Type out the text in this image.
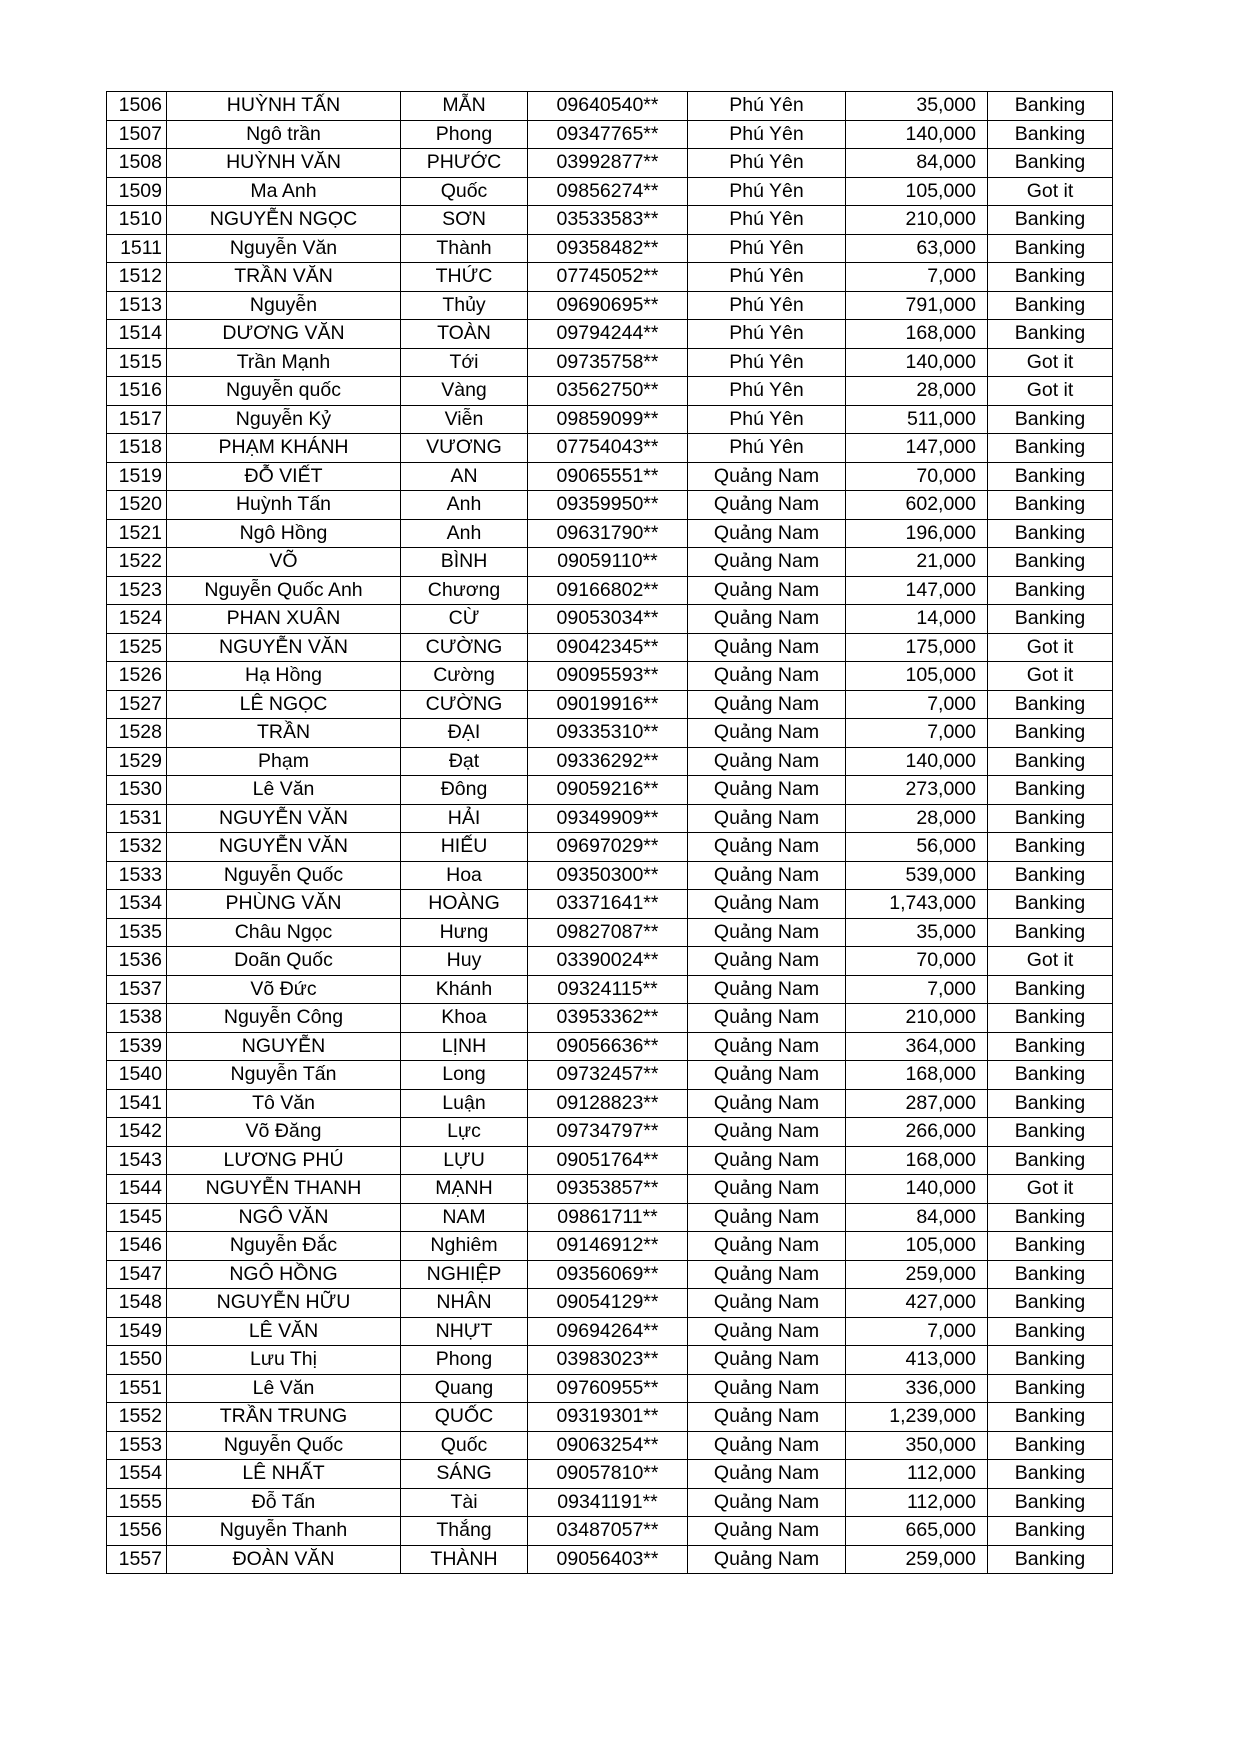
1506	HUỲNH TẤN	MẪN	09640540**	Phú Yên	35,000	Banking
1507	Ngô trần	Phong	09347765**	Phú Yên	140,000	Banking
1508	HUỲNH VĂN	PHƯỚC	03992877**	Phú Yên	84,000	Banking
1509	Ma Anh	Quốc	09856274**	Phú Yên	105,000	Got it
1510	NGUYỄN NGỌC	SƠN	03533583**	Phú Yên	210,000	Banking
1511	Nguyễn Văn	Thành	09358482**	Phú Yên	63,000	Banking
1512	TRẦN VĂN	THỨC	07745052**	Phú Yên	7,000	Banking
1513	Nguyễn	Thủy	09690695**	Phú Yên	791,000	Banking
1514	DƯƠNG VĂN	TOÀN	09794244**	Phú Yên	168,000	Banking
1515	Trần Mạnh	Tới	09735758**	Phú Yên	140,000	Got it
1516	Nguyễn quốc	Vàng	03562750**	Phú Yên	28,000	Got it
1517	Nguyễn Kỷ	Viễn	09859099**	Phú Yên	511,000	Banking
1518	PHẠM KHÁNH	VƯƠNG	07754043**	Phú Yên	147,000	Banking
1519	ĐỖ VIẾT	AN	09065551**	Quảng Nam	70,000	Banking
1520	Huỳnh Tấn	Anh	09359950**	Quảng Nam	602,000	Banking
1521	Ngô Hồng	Anh	09631790**	Quảng Nam	196,000	Banking
1522	VÕ	BÌNH	09059110**	Quảng Nam	21,000	Banking
1523	Nguyễn Quốc Anh	Chương	09166802**	Quảng Nam	147,000	Banking
1524	PHAN XUÂN	CỪ	09053034**	Quảng Nam	14,000	Banking
1525	NGUYỄN VĂN	CƯỜNG	09042345**	Quảng Nam	175,000	Got it
1526	Hạ Hồng	Cường	09095593**	Quảng Nam	105,000	Got it
1527	LÊ NGỌC	CƯỜNG	09019916**	Quảng Nam	7,000	Banking
1528	TRẦN	ĐẠI	09335310**	Quảng Nam	7,000	Banking
1529	Phạm	Đạt	09336292**	Quảng Nam	140,000	Banking
1530	Lê Văn	Đông	09059216**	Quảng Nam	273,000	Banking
1531	NGUYỄN VĂN	HẢI	09349909**	Quảng Nam	28,000	Banking
1532	NGUYỄN VĂN	HIẾU	09697029**	Quảng Nam	56,000	Banking
1533	Nguyễn Quốc	Hoa	09350300**	Quảng Nam	539,000	Banking
1534	PHÙNG VĂN	HOÀNG	03371641**	Quảng Nam	1,743,000	Banking
1535	Châu Ngọc	Hưng	09827087**	Quảng Nam	35,000	Banking
1536	Doãn Quốc	Huy	03390024**	Quảng Nam	70,000	Got it
1537	Võ Đức	Khánh	09324115**	Quảng Nam	7,000	Banking
1538	Nguyễn Công	Khoa	03953362**	Quảng Nam	210,000	Banking
1539	NGUYỄN	LỊNH	09056636**	Quảng Nam	364,000	Banking
1540	Nguyễn Tấn	Long	09732457**	Quảng Nam	168,000	Banking
1541	Tô Văn	Luận	09128823**	Quảng Nam	287,000	Banking
1542	Võ Đăng	Lực	09734797**	Quảng Nam	266,000	Banking
1543	LƯƠNG PHÚ	LỰU	09051764**	Quảng Nam	168,000	Banking
1544	NGUYỄN THANH	MẠNH	09353857**	Quảng Nam	140,000	Got it
1545	NGÔ VĂN	NAM	09861711**	Quảng Nam	84,000	Banking
1546	Nguyễn Đắc	Nghiêm	09146912**	Quảng Nam	105,000	Banking
1547	NGÔ HỒNG	NGHIỆP	09356069**	Quảng Nam	259,000	Banking
1548	NGUYỄN HỮU	NHÂN	09054129**	Quảng Nam	427,000	Banking
1549	LÊ VĂN	NHỰT	09694264**	Quảng Nam	7,000	Banking
1550	Lưu Thị	Phong	03983023**	Quảng Nam	413,000	Banking
1551	Lê Văn	Quang	09760955**	Quảng Nam	336,000	Banking
1552	TRẦN TRUNG	QUỐC	09319301**	Quảng Nam	1,239,000	Banking
1553	Nguyễn Quốc	Quốc	09063254**	Quảng Nam	350,000	Banking
1554	LÊ NHẤT	SÁNG	09057810**	Quảng Nam	112,000	Banking
1555	Đỗ Tấn	Tài	09341191**	Quảng Nam	112,000	Banking
1556	Nguyễn Thanh	Thắng	03487057**	Quảng Nam	665,000	Banking
1557	ĐOÀN VĂN	THÀNH	09056403**	Quảng Nam	259,000	Banking
